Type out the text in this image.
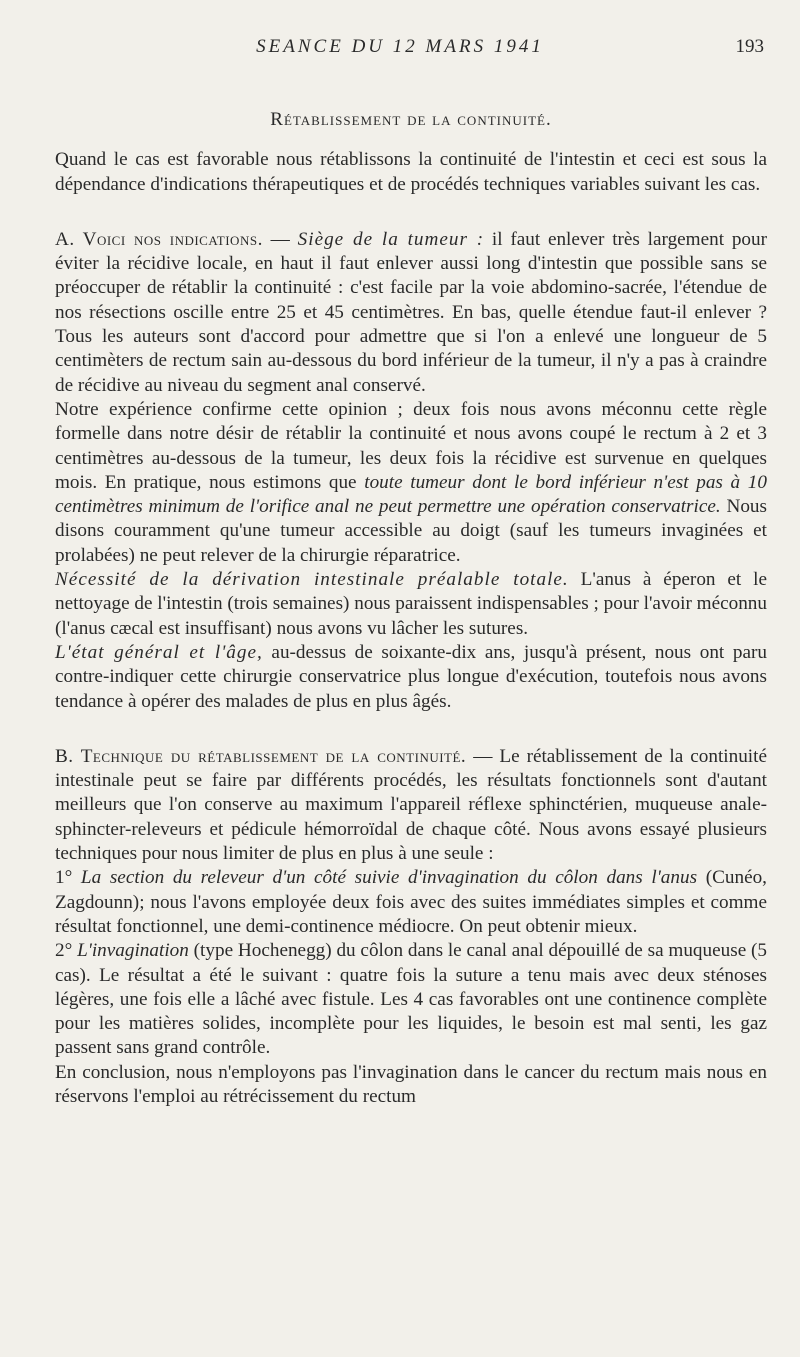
SEANCE DU 12 MARS 1941	193
Rétablissement de la continuité.

Quand le cas est favorable nous rétablissons la continuité de l'intestin et ceci est sous la dépendance d'indications thérapeutiques et de procédés techniques variables suivant les cas.

A. Voici nos indications. — Siège de la tumeur : il faut enlever très largement pour éviter la récidive locale, en haut il faut enlever aussi long d'intestin que possible sans se préoccuper de rétablir la continuité : c'est facile par la voie abdomino-sacrée, l'étendue de nos résections oscille entre 25 et 45 centimètres. En bas, quelle étendue faut-il enlever ? Tous les auteurs sont d'accord pour admettre que si l'on a enlevé une longueur de 5 centimèters de rectum sain au-dessous du bord inférieur de la tumeur, il n'y a pas à craindre de récidive au niveau du segment anal conservé.

Notre expérience confirme cette opinion ; deux fois nous avons méconnu cette règle formelle dans notre désir de rétablir la continuité et nous avons coupé le rectum à 2 et 3 centimètres au-dessous de la tumeur, les deux fois la récidive est survenue en quelques mois. En pratique, nous estimons que toute tumeur dont le bord inférieur n'est pas à 10 centimètres minimum de l'orifice anal ne peut permettre une opération conservatrice. Nous disons couramment qu'une tumeur accessible au doigt (sauf les tumeurs invaginées et prolabées) ne peut relever de la chirurgie réparatrice.

Nécessité de la dérivation intestinale préalable totale. L'anus à éperon et le nettoyage de l'intestin (trois semaines) nous paraissent indispensables ; pour l'avoir méconnu (l'anus cæcal est insuffisant) nous avons vu lâcher les sutures.

L'état général et l'âge, au-dessus de soixante-dix ans, jusqu'à présent, nous ont paru contre-indiquer cette chirurgie conservatrice plus longue d'exécution, toutefois nous avons tendance à opérer des malades de plus en plus âgés.

B. Technique du rétablissement de la continuité. — Le rétablissement de la continuité intestinale peut se faire par différents procédés, les résultats fonctionnels sont d'autant meilleurs que l'on conserve au maximum l'appareil réflexe sphinctérien, muqueuse anale-sphincter-releveurs et pédicule hémorroïdal de chaque côté. Nous avons essayé plusieurs techniques pour nous limiter de plus en plus à une seule :

1° La section du releveur d'un côté suivie d'invagination du côlon dans l'anus (Cunéo, Zagdounn); nous l'avons employée deux fois avec des suites immédiates simples et comme résultat fonctionnel, une demi-continence médiocre. On peut obtenir mieux.

2° L'invagination (type Hochenegg) du côlon dans le canal anal dépouillé de sa muqueuse (5 cas). Le résultat a été le suivant : quatre fois la suture a tenu mais avec deux sténoses légères, une fois elle a lâché avec fistule. Les 4 cas favorables ont une continence complète pour les matières solides, incomplète pour les liquides, le besoin est mal senti, les gaz passent sans grand contrôle.

En conclusion, nous n'employons pas l'invagination dans le cancer du rectum mais nous en réservons l'emploi au rétrécissement du rectum
